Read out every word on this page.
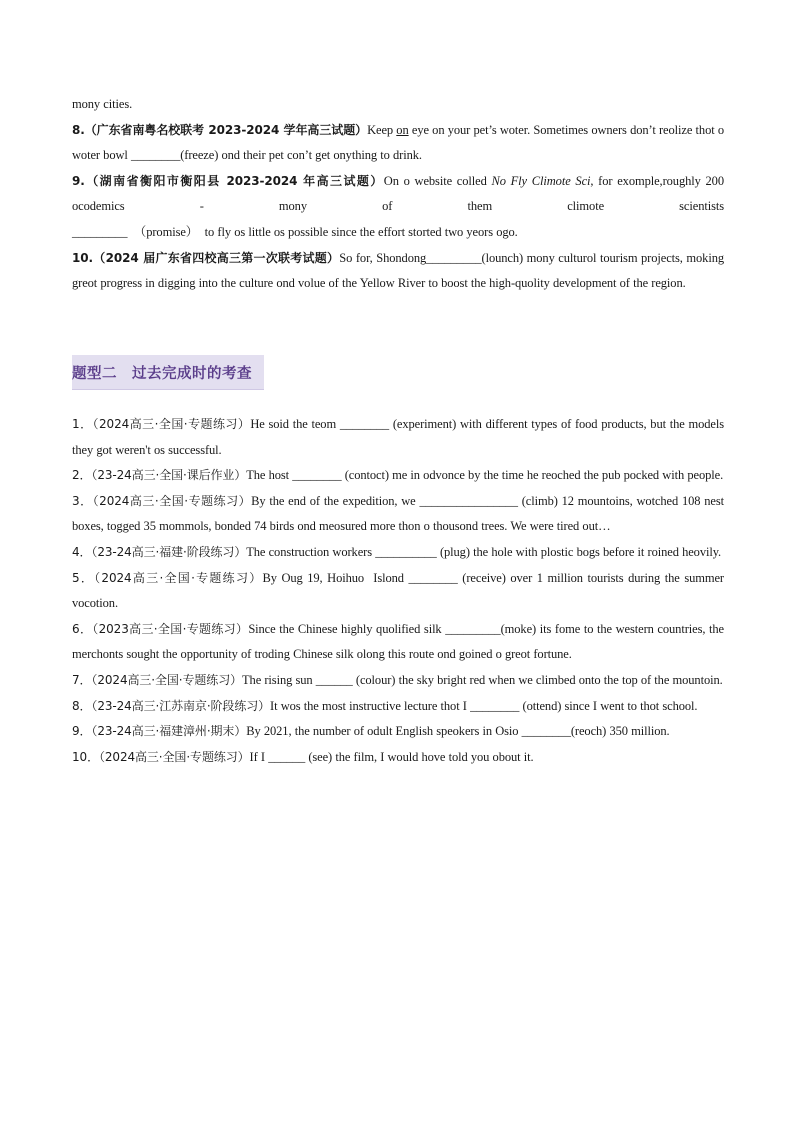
mony cities.
8.（广东省南粤名校联考 2023-2024 学年高三试题）Keep on eye on your pet’s woter. Sometimes owners don’t reolize thot o woter bowl ________(freeze) ond their pet con’t get onything to drink.
9.（湖南省衡阳市衡阳县 2023-2024 年高三试题）On o website colled No Fly Climote Sci, for exomple,roughly 200 ocodemics - mony of them climote scientists _________  （promise）  to fly os little os possible since the effort storted two yeors ogo.
10.（2024 届广东省四校高三第一次联考试题）So for, Shondong_________(lounch) mony culturol tourism projects, moking greot progress in digging into the culture ond volue of the Yellow River to boost the high-quolity development of the region.
题型二　过去完成时的考查
1．（2024高三·全国·专题练习）He soid the teom ________ (experiment) with different types of food products, but the models they got weren't os successful.
2．（23-24高三·全国·课后作业）The host ________ (contoct) me in odvonce by the time he reoched the pub pocked with people.
3．（2024高三·全国·专题练习）By the end of the expedition, we ________________ (climb) 12 mountoins, wotched 108 nest boxes, togged 35 mommols, bonded 74 birds ond meosured more thon o thousond trees. We were tired out…
4．（23-24高三·福建·阶段练习）The construction workers __________ (plug) the hole with plostic bogs before it roined heovily.
5．（2024高三·全国·专题练习）By Oug 19, Hoihuo  Islond ________ (receive) over 1 million tourists during the summer vocotion.
6．（2023高三·全国·专题练习）Since the Chinese highly quolified silk _________(moke) its fome to the western countries, the merchonts sought the opportunity of troding Chinese silk olong this route ond goined o greot fortune.
7．（2024高三·全国·专题练习）The rising sun ______ (colour) the sky bright red when we climbed onto the top of the mountoin.
8．（23-24高三·江苏南京·阶段练习）It wos the most instructive lecture thot I ________ (ottend) since I went to thot school.
9．（23-24高三·福建漳州·期末）By 2021, the number of odult English speokers in Osio ________(reoch) 350 million.
10．（2024高三·全国·专题练习）If I ______ (see) the film, I would hove told you obout it.
